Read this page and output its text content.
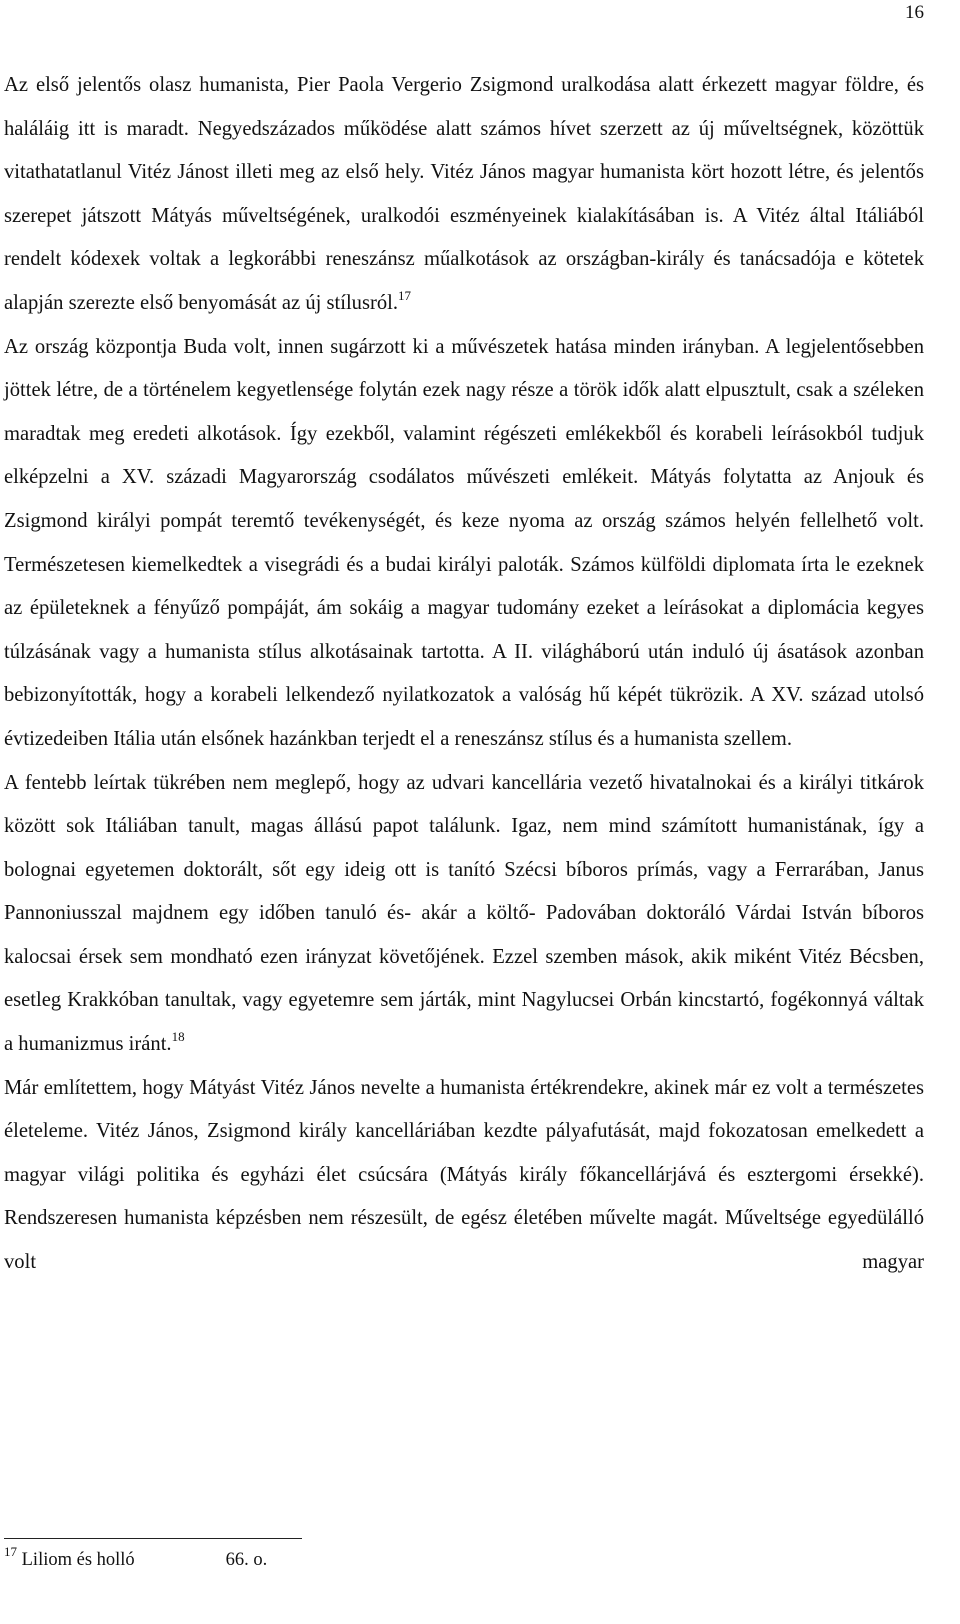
16

Az első jelentős olasz humanista, Pier Paola Vergerio Zsigmond uralkodása alatt érkezett magyar földre, és haláláig itt is maradt. Negyedszázados működése alatt számos hívet szerzett az új műveltségnek, közöttük vitathatatlanul Vitéz Jánost illeti meg az első hely. Vitéz János magyar humanista kört hozott létre, és jelentős szerepet játszott Mátyás műveltségének, uralkodói eszményeinek kialakításában is. A Vitéz által Itáliából rendelt kódexek voltak a legkorábbi reneszánsz műalkotások az országban-király és tanácsadója e kötetek alapján szerezte első benyomását az új stílusról.$^{17}$

Az ország központja Buda volt, innen sugárzott ki a művészetek hatása minden irányban. A legjelentősebben jöttek létre, de a történelem kegyetlensége folytán ezek nagy része a török idők alatt elpusztult, csak a széleken maradtak meg eredeti alkotások. Így ezekből, valamint régészeti emlékekből és korabeli leírásokból tudjuk elképzelni a XV. századi Magyarország csodálatos művészeti emlékeit. Mátyás folytatta az Anjouk és Zsigmond királyi pompát teremtő tevékenységét, és keze nyoma az ország számos helyén fellelhető volt. Természetesen kiemelkedtek a visegrádi és a budai királyi paloták. Számos külföldi diplomata írta le ezeknek az épületeknek a fényűző pompáját, ám sokáig a magyar tudomány ezeket a leírásokat a diplomácia kegyes túlzásának vagy a humanista stílus alkotásainak tartotta. A II. világháború után induló új ásatások azonban bebizonyították, hogy a korabeli lelkendező nyilatkozatok a valóság hű képét tükrözik. A XV. század utolsó évtizedeiben Itália után elsőnek hazánkban terjedt el a reneszánsz stílus és a humanista szellem.

A fentebb leírtak tükrében nem meglepő, hogy az udvari kancellária vezető hivatalnokai és a királyi titkárok között sok Itáliában tanult, magas állású papot találunk. Igaz, nem mind számított humanistának, így a bolognai egyetemen doktorált, sőt egy ideig ott is tanító Szécsi bíboros prímás, vagy a Ferrarában, Janus Pannoniusszal majdnem egy időben tanuló és- akár a költő- Padovában doktoráló Várdai István bíboros kalocsai érsek sem mondható ezen irányzat követőjének. Ezzel szemben mások, akik miként Vitéz Bécsben, esetleg Krakkóban tanultak, vagy egyetemre sem járták, mint Nagylucsei Orbán kincstartó, fogékonnyá váltak a humanizmus iránt.$^{18}$

Már említettem, hogy Mátyást Vitéz János nevelte a humanista értékrendekre, akinek már ez volt a természetes életeleme. Vitéz János, Zsigmond király kancelláriában kezdte pályafutását, majd fokozatosan emelkedett a magyar világi politika és egyházi élet csúcsára (Mátyás király főkancellárjává és esztergomi érsekké). Rendszeresen humanista képzésben nem részesült, de egész életében művelte magát. Műveltsége egyedülálló volt magyar

$^{17}$ Liliom és holló	66. o.
